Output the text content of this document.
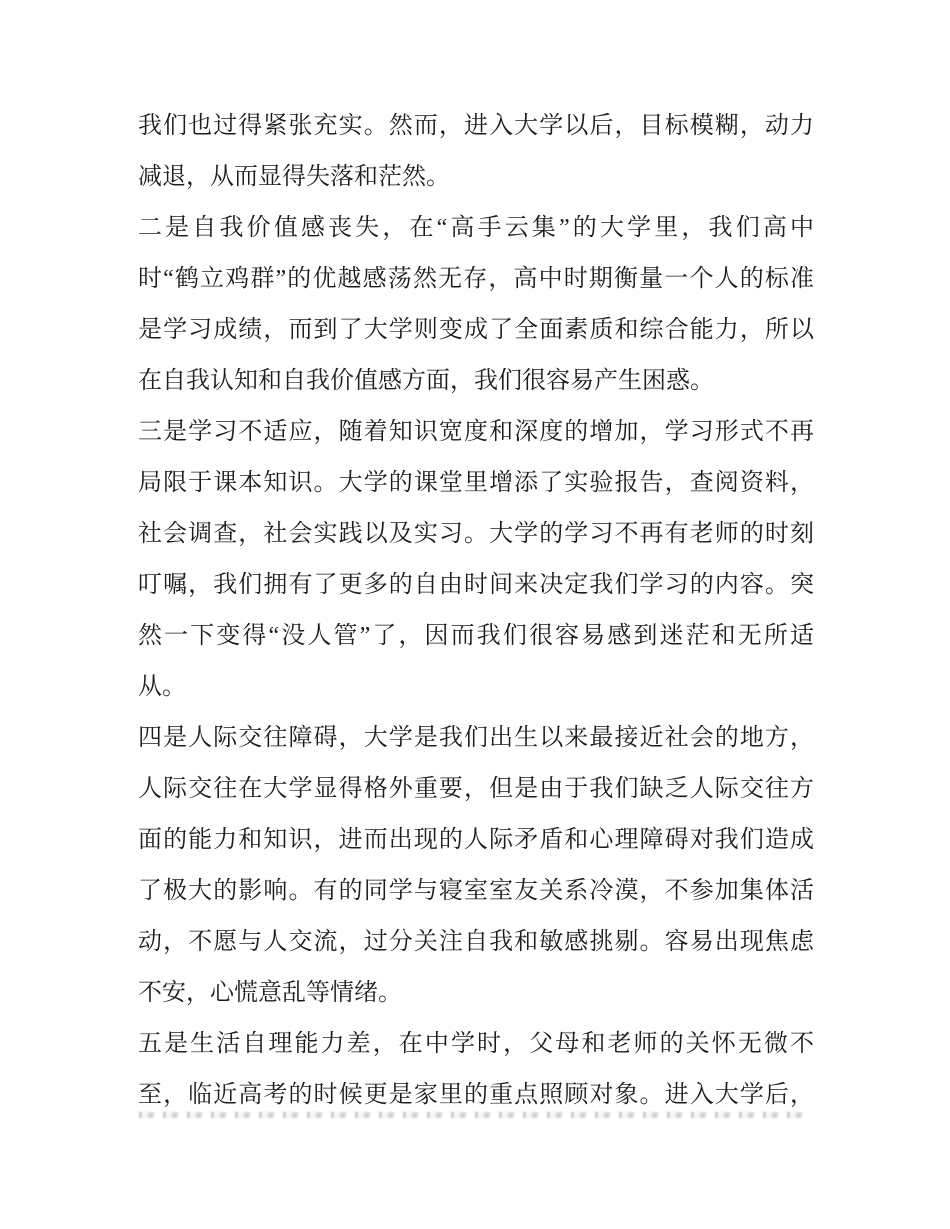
我们也过得紧张充实。然而，进入大学以后，目标模糊，动力
减退，从而显得失落和茫然。
二是自我价值感丧失，在“高手云集”的大学里，我们高中
时“鹤立鸡群”的优越感荡然无存，高中时期衡量一个人的标准
是学习成绩，而到了大学则变成了全面素质和综合能力，所以
在自我认知和自我价值感方面，我们很容易产生困惑。
三是学习不适应，随着知识宽度和深度的增加，学习形式不再
局限于课本知识。大学的课堂里增添了实验报告，查阅资料，
社会调查，社会实践以及实习。大学的学习不再有老师的时刻
叮嘱，我们拥有了更多的自由时间来决定我们学习的内容。突
然一下变得“没人管”了，因而我们很容易感到迷茫和无所适
从。
四是人际交往障碍，大学是我们出生以来最接近社会的地方，
人际交往在大学显得格外重要，但是由于我们缺乏人际交往方
面的能力和知识，进而出现的人际矛盾和心理障碍对我们造成
了极大的影响。有的同学与寝室室友关系冷漠，不参加集体活
动，不愿与人交流，过分关注自我和敏感挑剔。容易出现焦虑
不安，心慌意乱等情绪。
五是生活自理能力差，在中学时，父母和老师的关怀无微不
至，临近高考的时候更是家里的重点照顾对象。进入大学后，
